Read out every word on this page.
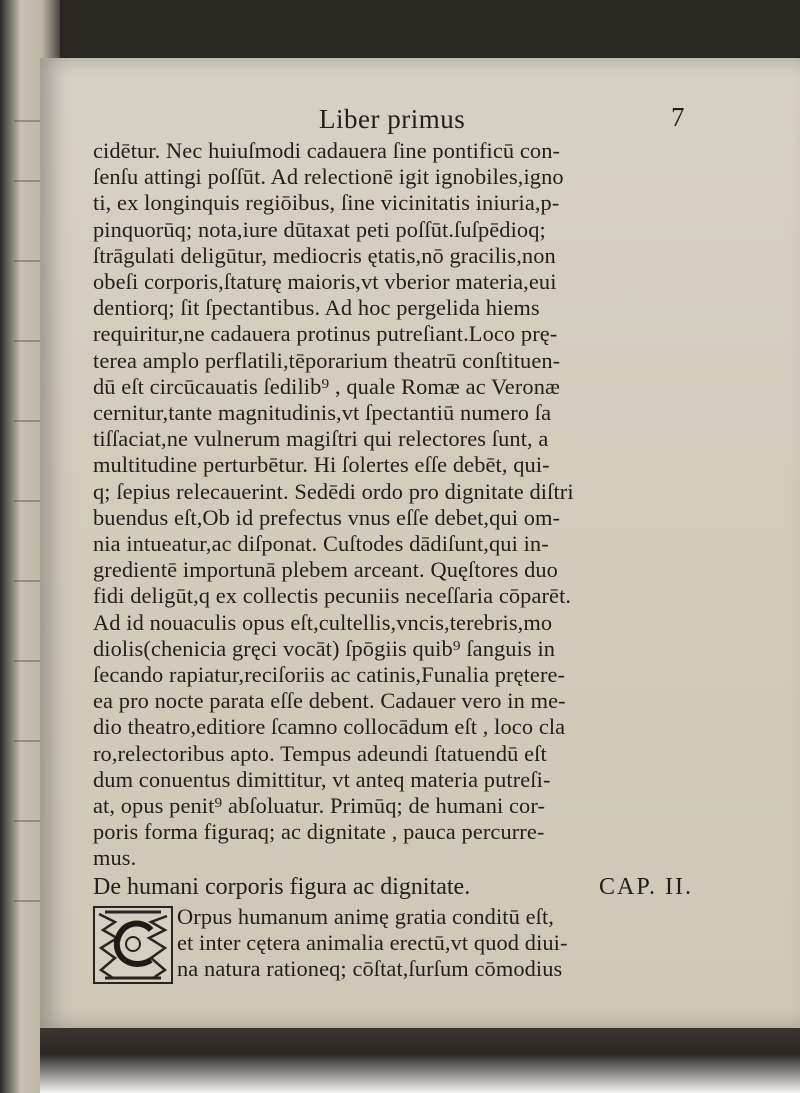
Liber primus	7
cidētur. Nec huiuſmodi cadauera ſine pontificū con-
ſenſu attingi poſſūt. Ad relectionē igit ignobiles,igno
ti, ex longinquis regiōibus, ſine vicinitatis iniuria,p-
pinquorūq; nota,iure dūtaxat peti poſſūt.ſuſpēdioq;
ſtrāgulati deligūtur, mediocris ętatis,nō gracilis,non
obeſi corporis,ſtaturę maioris,vt vberior materia,eui
dentiorq; ſit ſpectantibus. Ad hoc pergelida hiems
requiritur,ne cadauera protinus putreſiant.Loco prę-
terea amplo perflatili,tēporarium theatrū conſtituen-
dū eſt circūcauatis ſedilib⁹ , quale Romæ ac Veronæ
cernitur,tante magnitudinis,vt ſpectantiū numero ſa
tiſſaciat,ne vulnerum magiſtri qui relectores ſunt, a
multitudine perturbētur. Hi ſolertes eſſe debēt, qui-
q; ſepius relecauerint. Sedēdi ordo pro dignitate diſtri
buendus eſt,Ob id prefectus vnus eſſe debet,qui om-
nia intueatur,ac diſponat. Cuſtodes dādiſunt,qui in-
gredientē importunā plebem arceant. Quęſtores duo
fidi deligūt,q ex collectis pecuniis neceſſaria cōparēt.
Ad id nouaculis opus eſt,cultellis,vncis,terebris,mo
diolis(chenicia gręci vocāt) ſpōgiis quib⁹ ſanguis in
ſecando rapiatur,reciſoriis ac catinis,Funalia prętere-
ea pro nocte parata eſſe debent. Cadauer vero in me-
dio theatro,editiore ſcamno collocādum eſt , loco cla
ro,relectoribus apto. Tempus adeundi ſtatuendū eſt
dum conuentus dimittitur, vt anteq materia putreſi-
at, opus penit⁹ abſoluatur. Primūq; de humani cor-
poris forma figuraq; ac dignitate , pauca percurre-
mus.
De humani corporis figura ac dignitate.	CAP. II.
Orpus humanum animę gratia conditū eſt,
et inter cętera animalia erectū,vt quod diui-
na natura rationeq; cōſtat,ſurſum cōmodius
